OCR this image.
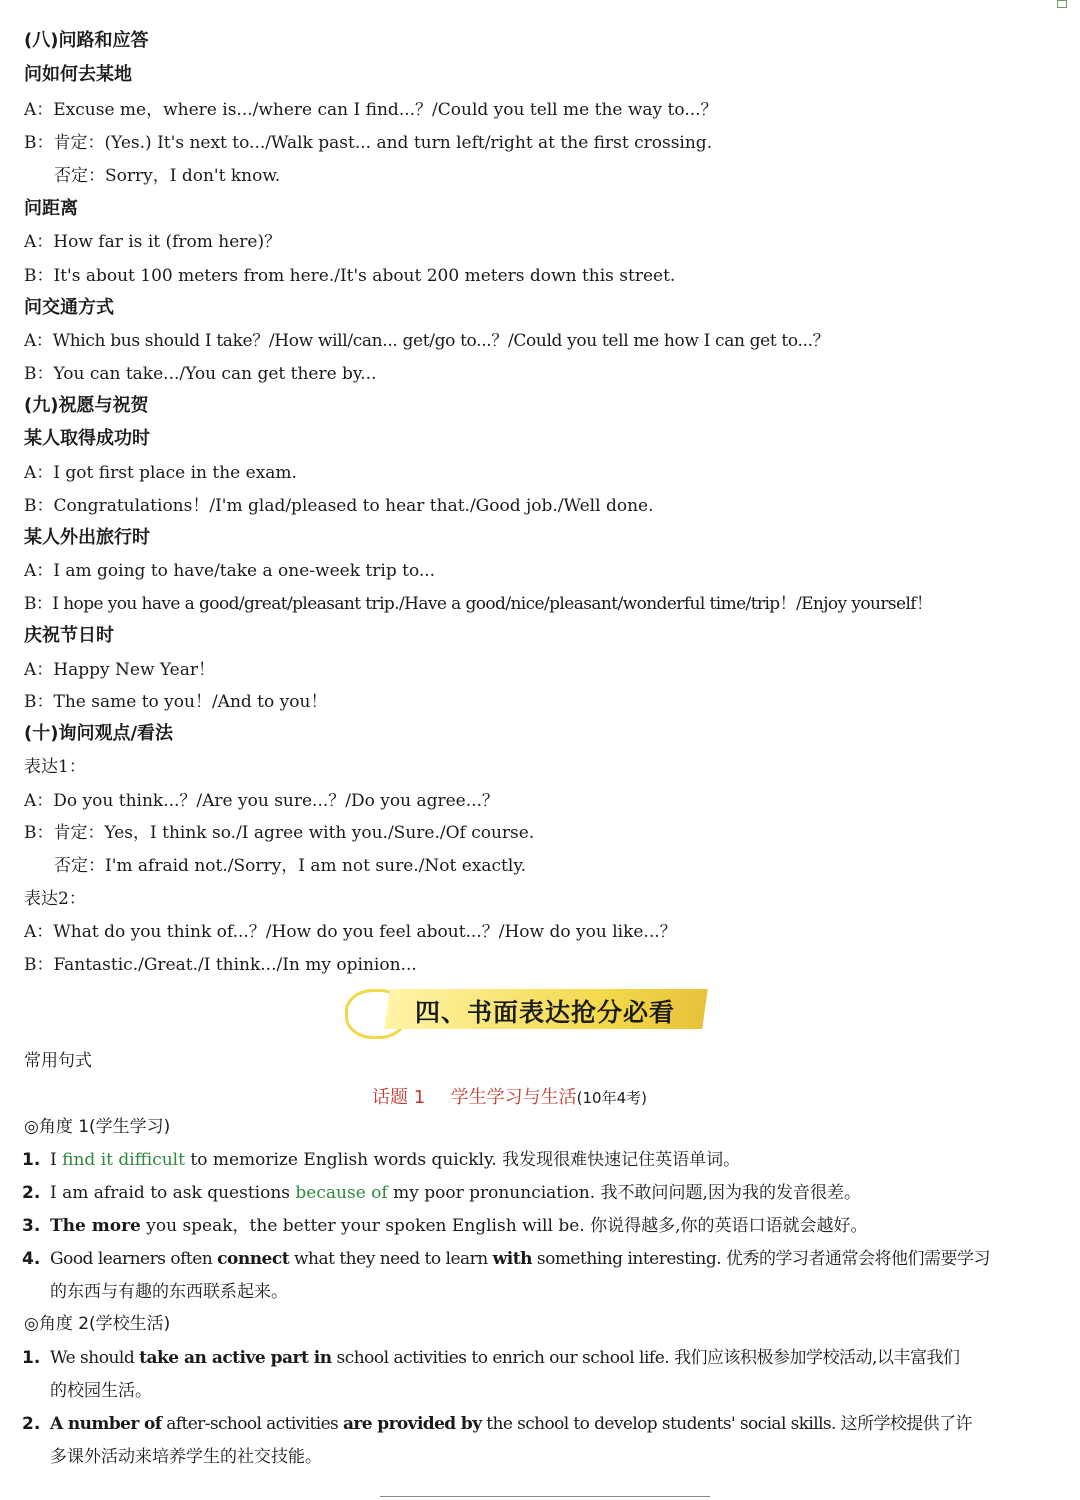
(八)问路和应答
问如何去某地
A：Excuse me，where is.../where can I find...？/Could you tell me the way to...？
B：肯定：(Yes.) It's next to.../Walk past... and turn left/right at the first crossing.
否定：Sorry，I don't know.
问距离
A：How far is it (from here)？
B：It's about 100 meters from here./It's about 200 meters down this street.
问交通方式
A：Which bus should I take？/How will/can... get/go to...？/Could you tell me how I can get to...？
B：You can take.../You can get there by...
(九)祝愿与祝贺
某人取得成功时
A：I got first place in the exam.
B：Congratulations！/I'm glad/pleased to hear that./Good job./Well done.
某人外出旅行时
A：I am going to have/take a one-week trip to...
B：I hope you have a good/great/pleasant trip./Have a good/nice/pleasant/wonderful time/trip！/Enjoy yourself！
庆祝节日时
A：Happy New Year！
B：The same to you！/And to you！
(十)询问观点/看法
表达1：
A：Do you think...？/Are you sure...？/Do you agree...？
B：肯定：Yes，I think so./I agree with you./Sure./Of course.
否定：I'm afraid not./Sorry，I am not sure./Not exactly.
表达2：
A：What do you think of...？/How do you feel about...？/How do you like...？
B：Fantastic./Great./I think.../In my opinion...
四、书面表达抢分必看
常用句式
话题 1 学生学习与生活(10年4考)
◎角度 1(学生学习)
1. I find it difficult to memorize English words quickly. 我发现很难快速记住英语单词。
2. I am afraid to ask questions because of my poor pronunciation. 我不敢问问题,因为我的发音很差。
3. The more you speak，the better your spoken English will be. 你说得越多,你的英语口语就会越好。
4. Good learners often connect what they need to learn with something interesting. 优秀的学习者通常会将他们需要学习
的东西与有趣的东西联系起来。
◎角度 2(学校生活)
1. We should take an active part in school activities to enrich our school life. 我们应该积极参加学校活动,以丰富我们
的校园生活。
2. A number of after-school activities are provided by the school to develop students' social skills. 这所学校提供了许
多课外活动来培养学生的社交技能。
